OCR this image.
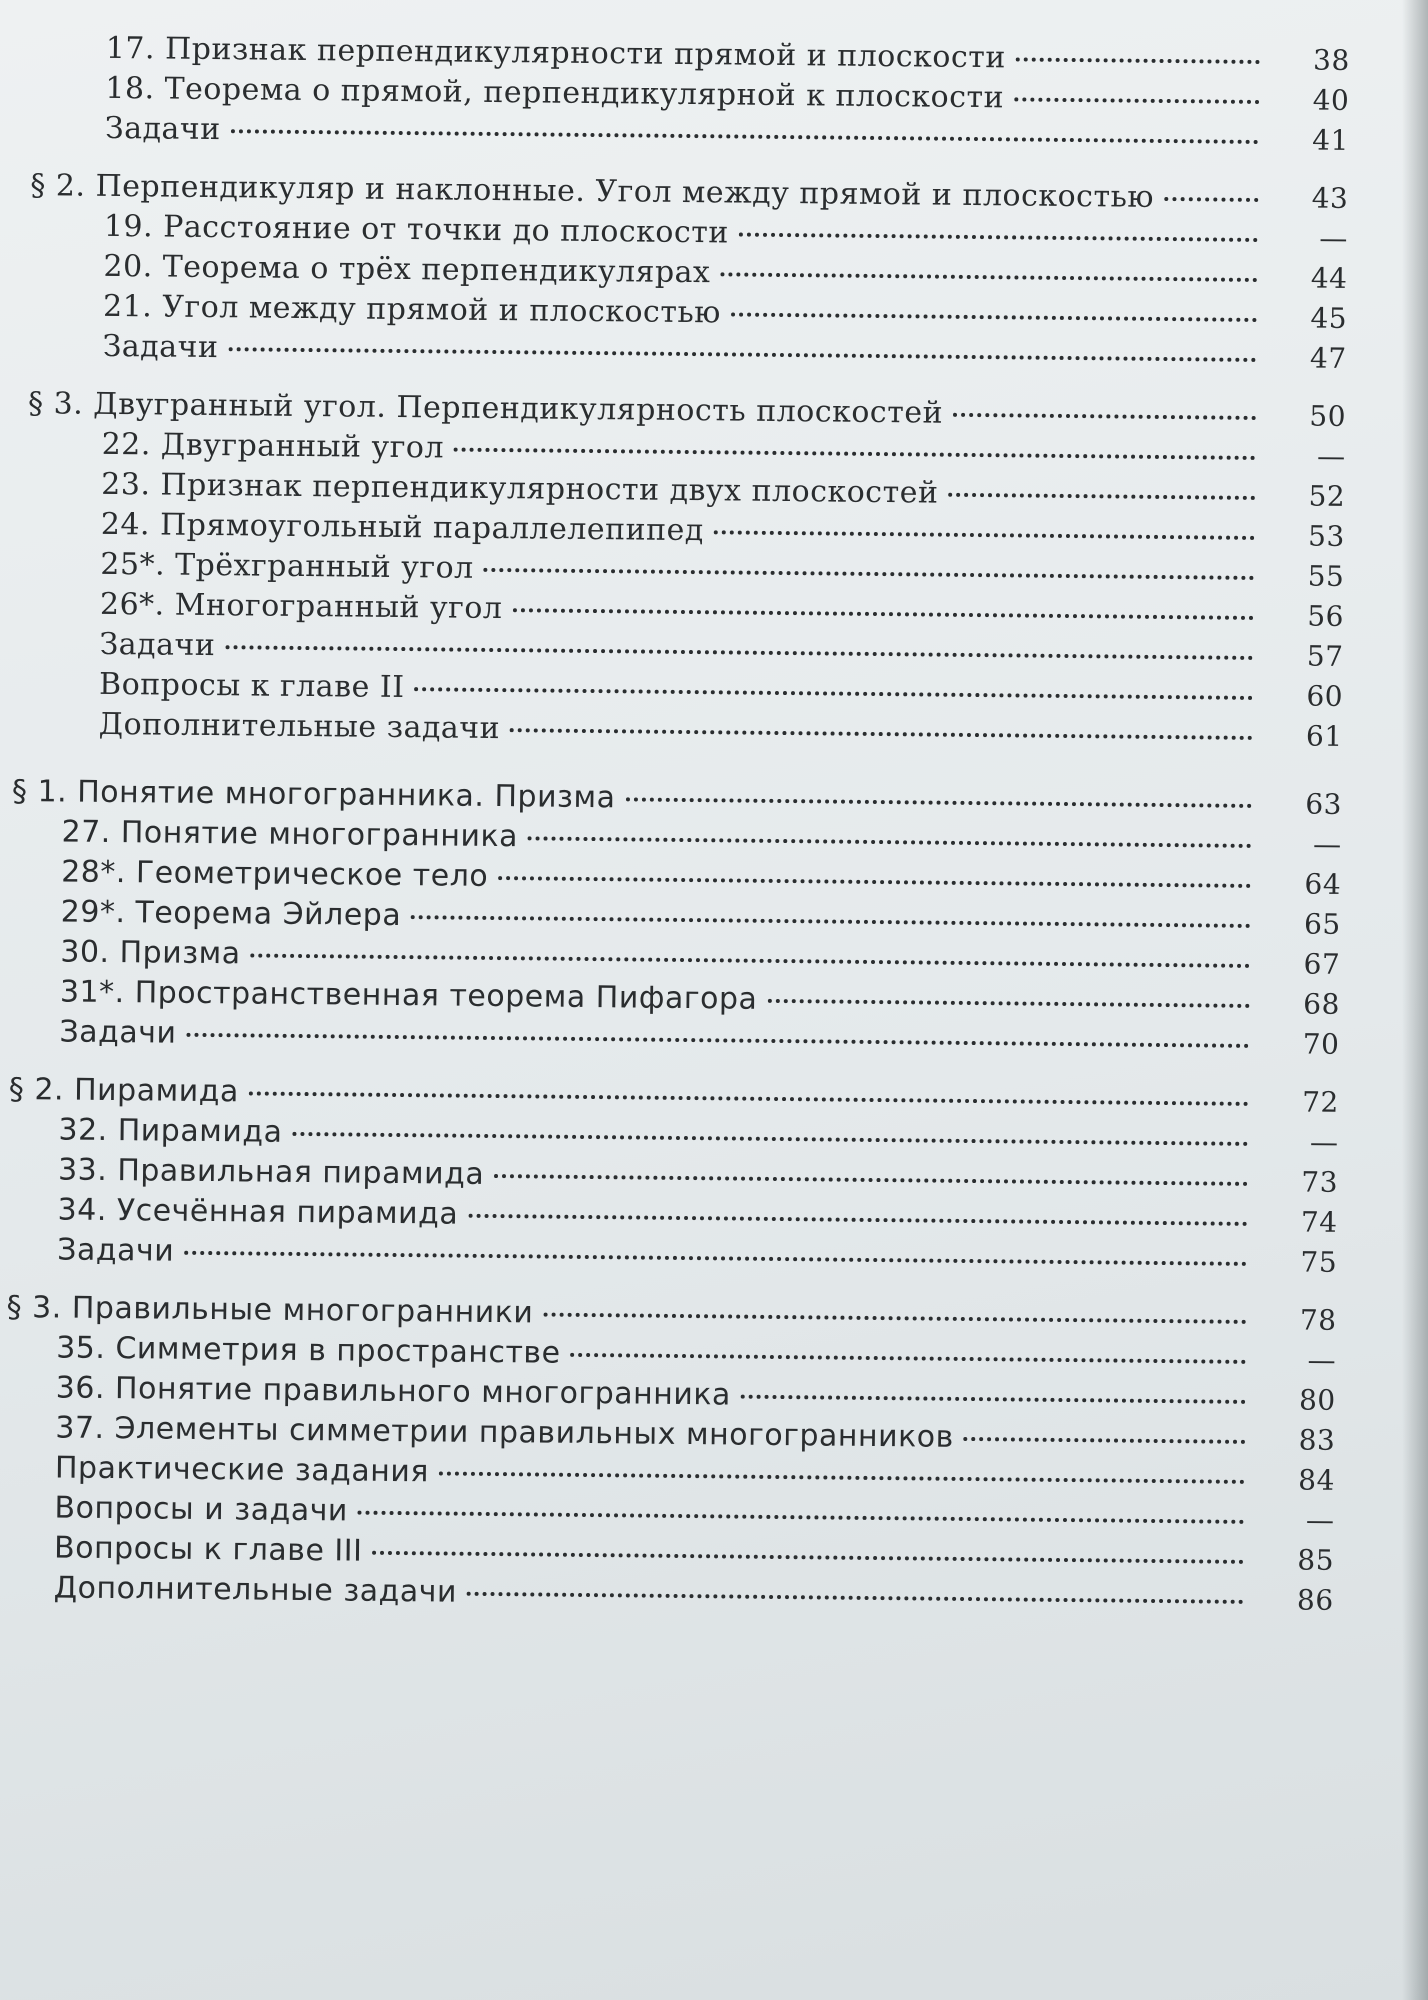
17. Признак перпендикулярности прямой и плоскости	38
18. Теорема о прямой, перпендикулярной к плоскости	40
Задачи	41
§ 2. Перпендикуляр и наклонные. Угол между прямой и плоскостью	43
19. Расстояние от точки до плоскости	—
20. Теорема о трёх перпендикулярах	44
21. Угол между прямой и плоскостью	45
Задачи	47
§ 3. Двугранный угол. Перпендикулярность плоскостей	50
22. Двугранный угол	—
23. Признак перпендикулярности двух плоскостей	52
24. Прямоугольный параллелепипед	53
25*. Трёхгранный угол	55
26*. Многогранный угол	56
Задачи	57
Вопросы к главе II	60
Дополнительные задачи	61
§ 1. Понятие многогранника. Призма	63
27. Понятие многогранника	—
28*. Геометрическое тело	64
29*. Теорема Эйлера	65
30. Призма	67
31*. Пространственная теорема Пифагора	68
Задачи	70
§ 2. Пирамида	72
32. Пирамида	—
33. Правильная пирамида	73
34. Усечённая пирамида	74
Задачи	75
§ 3. Правильные многогранники	78
35. Симметрия в пространстве	—
36. Понятие правильного многогранника	80
37. Элементы симметрии правильных многогранников	83
Практические задания	84
Вопросы и задачи	—
Вопросы к главе III	85
Дополнительные задачи	86
